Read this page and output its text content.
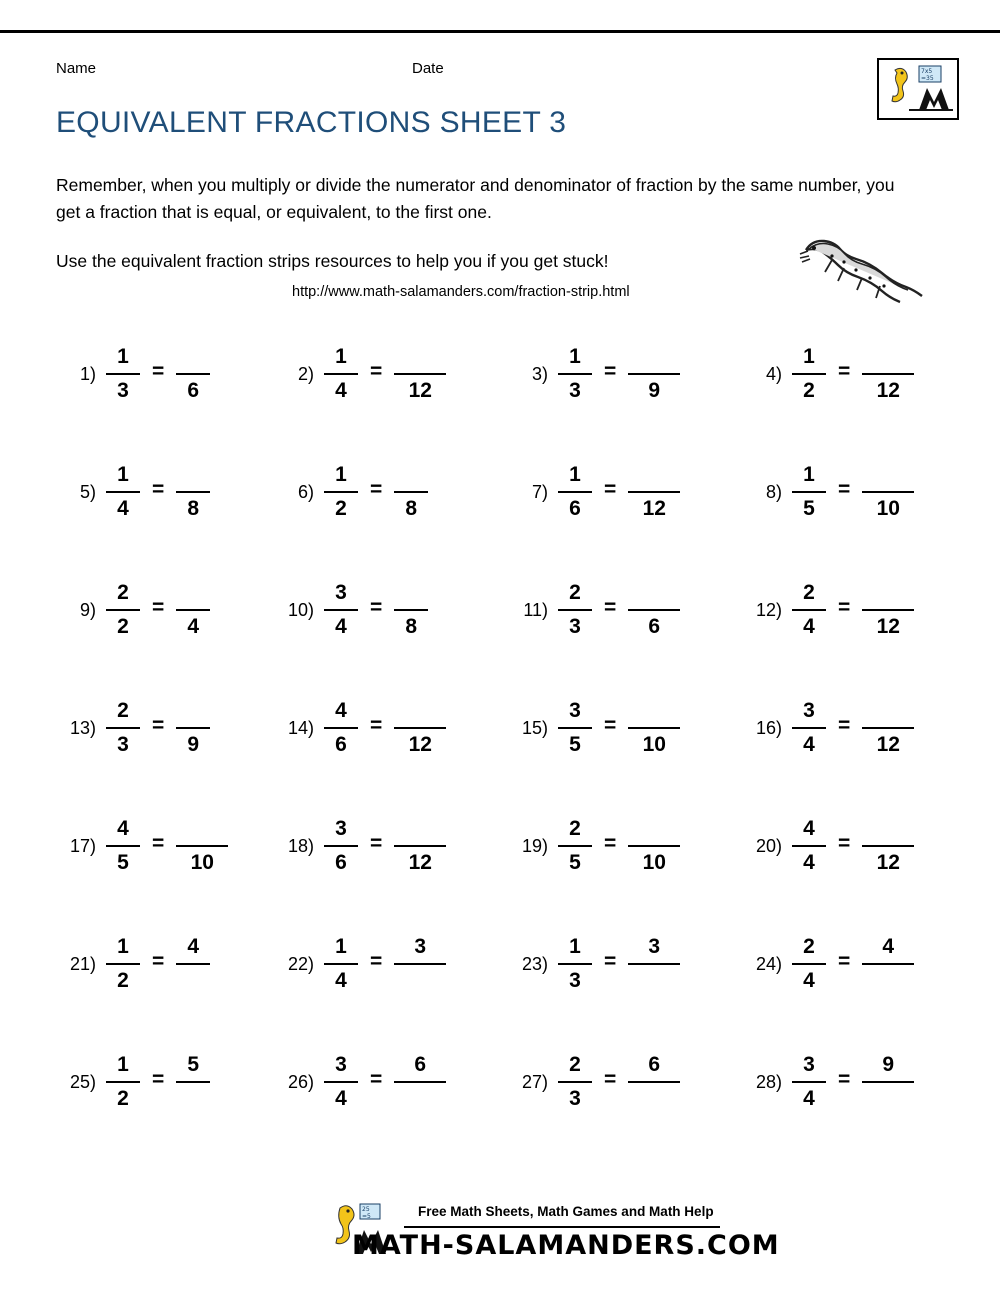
Name	Date	7x5
=35
EQUIVALENT FRACTIONS SHEET 3
Remember, when you multiply or divide the numerator and denominator of fraction by the same number, you get a fraction that is equal, or equivalent, to the first one.
Use the equivalent fraction strips resources to help you if you get stuck!
http://www.math-salamanders.com/fraction-strip.html
$1) \frac{1}{3}$ =
6
$2) \frac{1}{4}$ =
12
$3) \frac{1}{3}$ =
9
$4) \frac{1}{2}$ =
12
$5) \frac{1}{4}$ =
8
$6) \frac{1}{2}$ =
8
$7) \frac{1}{6}$ =
12
$8) \frac{1}{5}$ =
10
$9) \frac{2}{2}$ =
4
$10) \frac{3}{4}$ =
8
$11) \frac{2}{3}$ =
6
$12) \frac{2}{4}$ =
12
$13) \frac{2}{3}$ =
9
$14) \frac{4}{6}$ =
12
$15) \frac{3}{5}$ =
10
$16) \frac{3}{4}$ =
12
$17) \frac{4}{5}$ =
10
$18) \frac{3}{6}$ =
12
$19) \frac{2}{5}$ =
10
$20) \frac{4}{4}$ =
12
$21) \frac{1}{2}$ =
4
$22) \frac{1}{4}$ =
3
$23) \frac{1}{3}$ =
3
$24) \frac{2}{4}$ =
4
$25) \frac{1}{2}$ =
5
$26) \frac{3}{4}$ =
6
$27) \frac{2}{3}$ =
6
$28) \frac{3}{4}$ =
9
25
=5	Free Math Sheets, Math Games and Math Help
MATH-SALAMANDERS.COM
